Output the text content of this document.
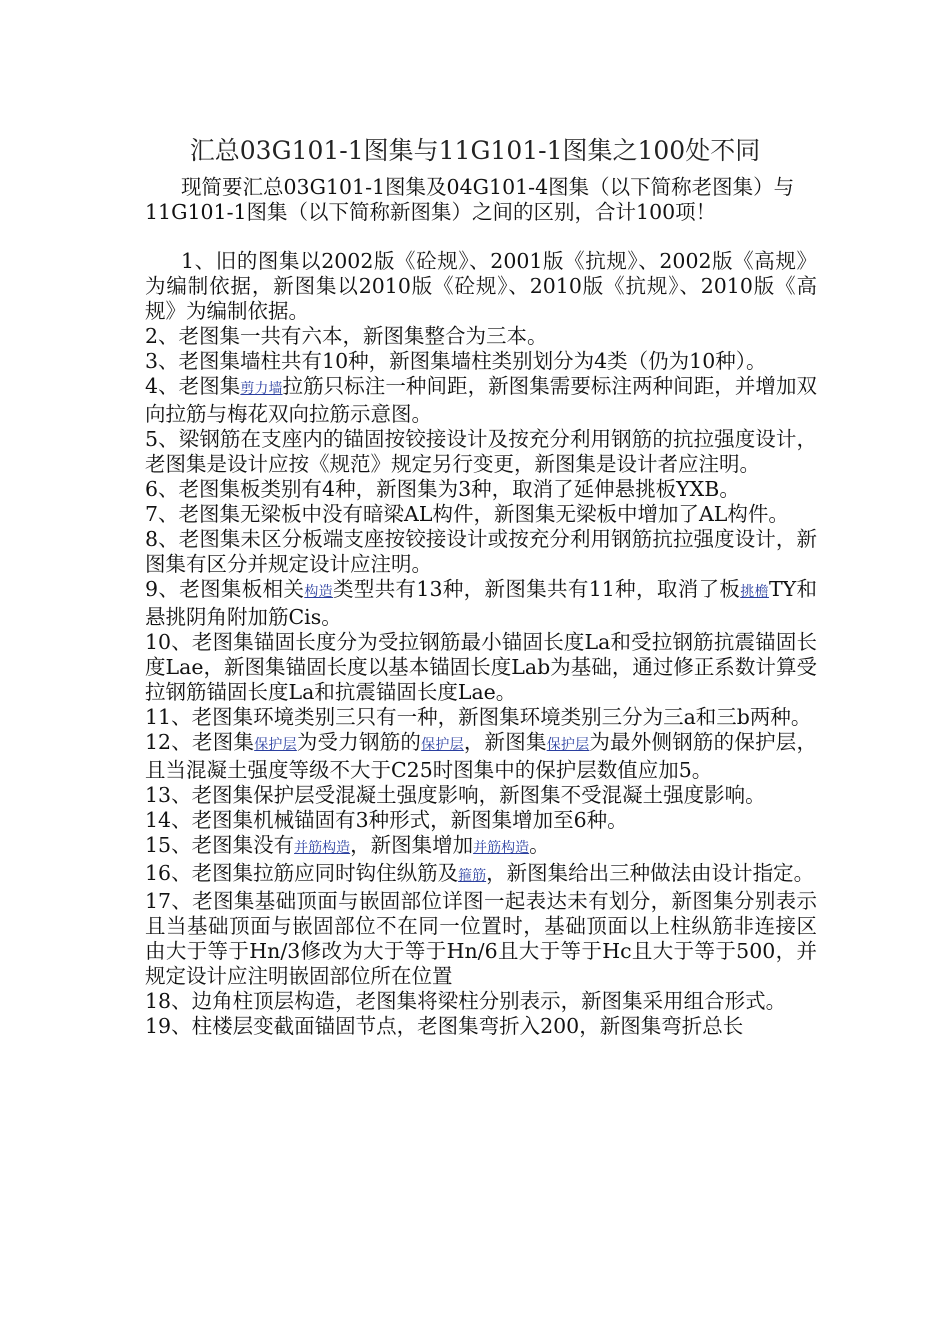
汇总03G101-1图集与11G101-1图集之100处不同
现简要汇总03G101-1图集及04G101-4图集（以下简称老图集）与11G101-1图集（以下简称新图集）之间的区别，合计100项！

1、旧的图集以2002版《砼规》、2001版《抗规》、2002版《高规》为编制依据，新图集以2010版《砼规》、2010版《抗规》、2010版《高规》为编制依据。

2、老图集一共有六本，新图集整合为三本。

3、老图集墙柱共有10种，新图集墙柱类别划分为4类（仍为10种）。

4、老图集剪力墙拉筋只标注一种间距，新图集需要标注两种间距，并增加双向拉筋与梅花双向拉筋示意图。

5、梁钢筋在支座内的锚固按铰接设计及按充分利用钢筋的抗拉强度设计，老图集是设计应按《规范》规定另行变更，新图集是设计者应注明。

6、老图集板类别有4种，新图集为3种，取消了延伸悬挑板YXB。

7、老图集无梁板中没有暗梁AL构件，新图集无梁板中增加了AL构件。

8、老图集未区分板端支座按铰接设计或按充分利用钢筋抗拉强度设计，新图集有区分并规定设计应注明。

9、老图集板相关构造类型共有13种，新图集共有11种，取消了板挑檐TY和悬挑阴角附加筋Cis。

10、老图集锚固长度分为受拉钢筋最小锚固长度La和受拉钢筋抗震锚固长度Lae，新图集锚固长度以基本锚固长度Lab为基础，通过修正系数计算受拉钢筋锚固长度La和抗震锚固长度Lae。

11、老图集环境类别三只有一种，新图集环境类别三分为三a和三b两种。

12、老图集保护层为受力钢筋的保护层，新图集保护层为最外侧钢筋的保护层，且当混凝土强度等级不大于C25时图集中的保护层数值应加5。

13、老图集保护层受混凝土强度影响，新图集不受混凝土强度影响。

14、老图集机械锚固有3种形式，新图集增加至6种。

15、老图集没有并筋构造，新图集增加并筋构造。

16、老图集拉筋应同时钩住纵筋及箍筋，新图集给出三种做法由设计指定。

17、老图集基础顶面与嵌固部位详图一起表达未有划分，新图集分别表示且当基础顶面与嵌固部位不在同一位置时，基础顶面以上柱纵筋非连接区由大于等于Hn/3修改为大于等于Hn/6且大于等于Hc且大于等于500，并规定设计应注明嵌固部位所在位置

18、边角柱顶层构造，老图集将梁柱分别表示，新图集采用组合形式。

19、柱楼层变截面锚固节点，老图集弯折入200，新图集弯折总长
